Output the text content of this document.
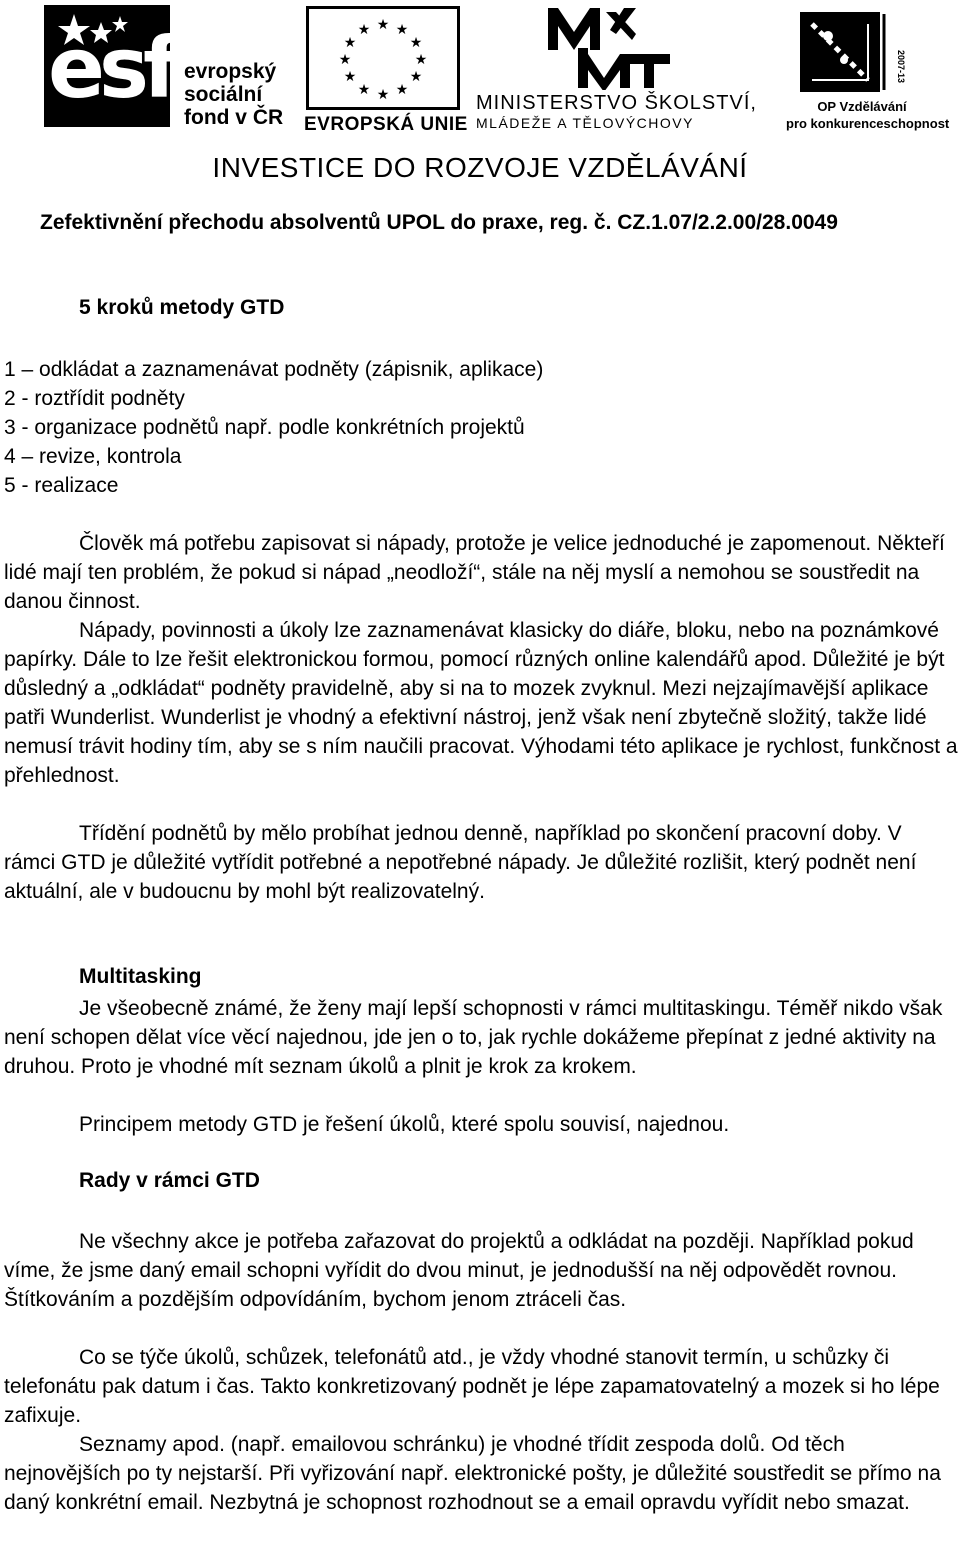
esf evropský
sociální
fond v ČR
★ ★
★
★
★
★
★
★
★
★
★
★
EVROPSKÁ UNIE
MINISTERSTVO ŠKOLSTVÍ,
MLÁDEŽE A TĚLOVÝCHOVY
2007-13
OP Vzdělávání
pro konkurenceschopnost
INVESTICE DO ROZVOJE VZDĚLÁVÁNÍ
Zefektivnění přechodu absolventů UPOL do praxe, reg. č. CZ.1.07/2.2.00/28.0049
5 kroků metody GTD
1 – odkládat a zaznamenávat podněty (zápisnik, aplikace)
2 - roztřídit podněty
3 - organizace podnětů např. podle konkrétních projektů
4 – revize, kontrola
5 - realizace

Člověk má potřebu zapisovat si nápady, protože je velice jednoduché je zapomenout. Někteří lidé mají ten problém, že pokud si nápad „neodloží“, stále na něj myslí a nemohou se soustředit na danou činnost.

Nápady, povinnosti a úkoly lze zaznamenávat klasicky do diáře, bloku, nebo na poznámkové papírky. Dále to lze řešit elektronickou formou, pomocí různých online kalendářů apod. Důležité je být důsledný a „odkládat“ podněty pravidelně, aby si na to mozek zvyknul. Mezi nejzajímavější aplikace patři Wunderlist. Wunderlist je vhodný a efektivní nástroj, jenž však není zbytečně složitý, takže lidé nemusí trávit hodiny tím, aby se s ním naučili pracovat. Výhodami této aplikace je rychlost, funkčnost a přehlednost.

Třídění podnětů by mělo probíhat jednou denně, například po skončení pracovní doby. V rámci GTD je důležité vytřídit potřebné a nepotřebné nápady. Je důležité rozlišit, který podnět není aktuální, ale v budoucnu by mohl být realizovatelný.

Multitasking

Je všeobecně známé, že ženy mají lepší schopnosti v rámci multitaskingu. Téměř nikdo však není schopen dělat více věcí najednou, jde jen o to, jak rychle dokážeme přepínat z jedné aktivity na druhou. Proto je vhodné mít seznam úkolů a plnit je krok za krokem.

Principem metody GTD je řešení úkolů, které spolu souvisí, najednou.

Rady v rámci GTD

Ne všechny akce je potřeba zařazovat do projektů a odkládat na později. Například pokud víme, že jsme daný email schopni vyřídit do dvou minut, je jednodušší na něj odpovědět rovnou. Štítkováním a pozdějším odpovídáním, bychom jenom ztráceli čas.

Co se týče úkolů, schůzek, telefonátů atd., je vždy vhodné stanovit termín, u schůzky či telefonátu pak datum i čas. Takto konkretizovaný podnět je lépe zapamatovatelný a mozek si ho lépe zafixuje.

Seznamy apod. (např. emailovou schránku) je vhodné třídit zespoda dolů. Od těch nejnovějších po ty nejstarší. Při vyřizování např. elektronické pošty, je důležité soustředit se přímo na daný konkrétní email. Nezbytná je schopnost rozhodnout se a email opravdu vyřídit nebo smazat.
